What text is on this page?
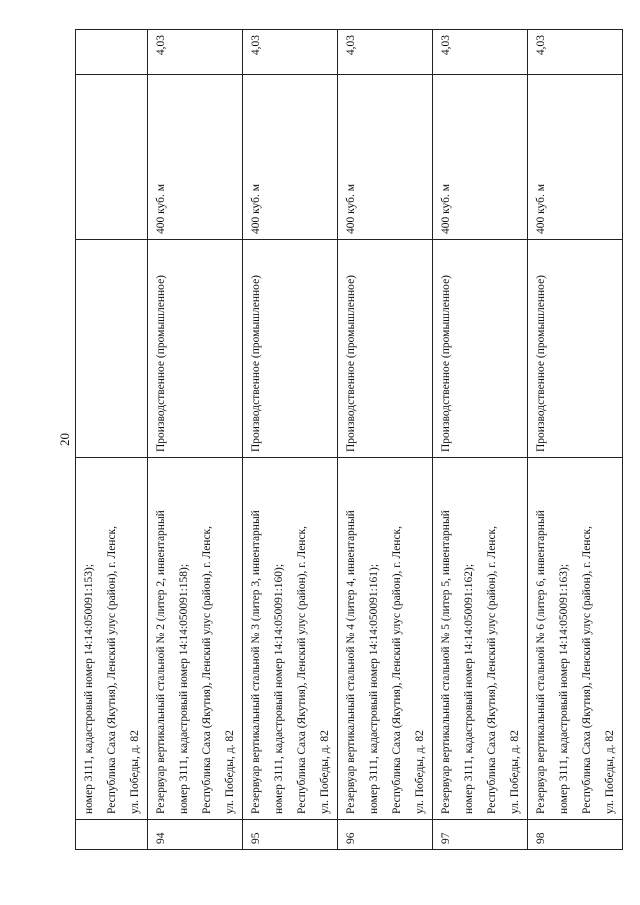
20

	номер 3111, кадастровый номер 14:14:050091:153); Республика Саха (Якутия), Ленский улус (район), г. Ленск, ул. Победы, д. 82			

94	Резервуар вертикальный стальной № 2 (литер 2, инвентарный номер 3111, кадастровый номер 14:14:050091:158); Республика Саха (Якутия), Ленский улус (район), г. Ленск, ул. Победы, д. 82	Производственное (промышленное)	400 куб. м	4,03
95	Резервуар вертикальный стальной № 3 (литер 3, инвентарный номер 3111, кадастровый номер 14:14:050091:160); Республика Саха (Якутия), Ленский улус (район), г. Ленск, ул. Победы, д. 82	Производственное (промышленное)	400 куб. м	4,03
96	Резервуар вертикальный стальной № 4 (литер 4, инвентарный номер 3111, кадастровый номер 14:14:050091:161); Республика Саха (Якутия), Ленский улус (район), г. Ленск, ул. Победы, д. 82	Производственное (промышленное)	400 куб. м	4,03
97	Резервуар вертикальный стальной № 5 (литер 5, инвентарный номер 3111, кадастровый номер 14:14:050091:162); Республика Саха (Якутия), Ленский улус (район), г. Ленск, ул. Победы, д. 82	Производственное (промышленное)	400 куб. м	4,03
98	Резервуар вертикальный стальной № 6 (литер 6, инвентарный номер 3111, кадастровый номер 14:14:050091:163); Республика Саха (Якутия), Ленский улус (район), г. Ленск, ул. Победы, д. 82	Производственное (промышленное)	400 куб. м	4,03
